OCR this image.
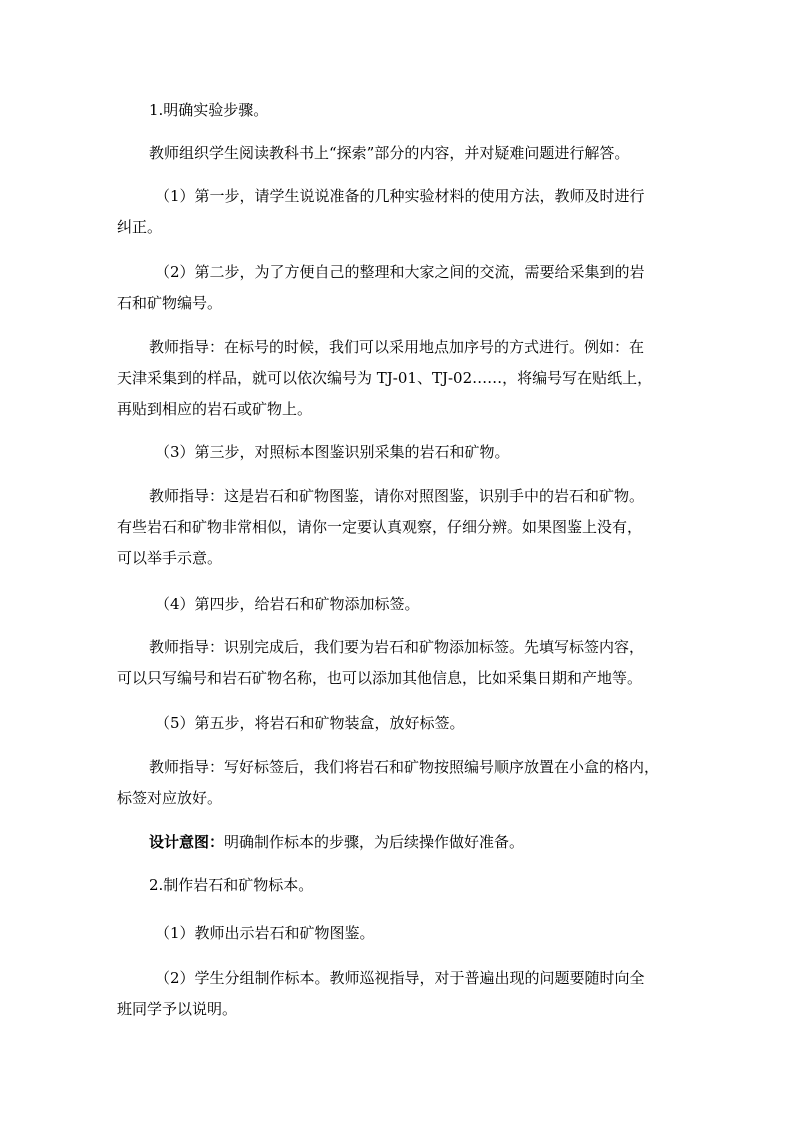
1.明确实验步骤。

教师组织学生阅读教科书上“探索”部分的内容，并对疑难问题进行解答。

（1）第一步，请学生说说准备的几种实验材料的使用方法，教师及时进行
纠正。

（2）第二步，为了方便自己的整理和大家之间的交流，需要给采集到的岩
石和矿物编号。

教师指导：在标号的时候，我们可以采用地点加序号的方式进行。例如：在
天津采集到的样品，就可以依次编号为 TJ-01、TJ-02……，将编号写在贴纸上，
再贴到相应的岩石或矿物上。

（3）第三步，对照标本图鉴识别采集的岩石和矿物。

教师指导：这是岩石和矿物图鉴，请你对照图鉴，识别手中的岩石和矿物。
有些岩石和矿物非常相似，请你一定要认真观察，仔细分辨。如果图鉴上没有，
可以举手示意。

（4）第四步，给岩石和矿物添加标签。

教师指导：识别完成后，我们要为岩石和矿物添加标签。先填写标签内容，
可以只写编号和岩石矿物名称，也可以添加其他信息，比如采集日期和产地等。

（5）第五步，将岩石和矿物装盒，放好标签。

教师指导：写好标签后，我们将岩石和矿物按照编号顺序放置在小盒的格内，
标签对应放好。

设计意图：明确制作标本的步骤，为后续操作做好准备。

2.制作岩石和矿物标本。

（1）教师出示岩石和矿物图鉴。

（2）学生分组制作标本。教师巡视指导，对于普遍出现的问题要随时向全
班同学予以说明。
